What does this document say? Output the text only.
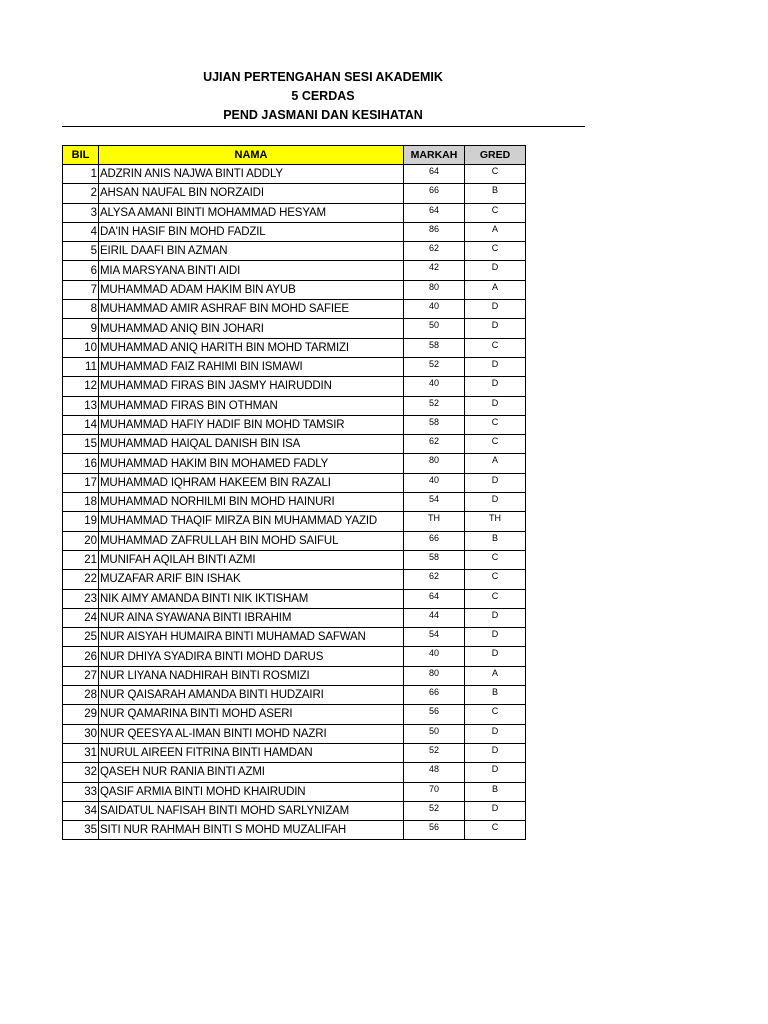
UJIAN PERTENGAHAN SESI AKADEMIK
5 CERDAS
PEND JASMANI DAN KESIHATAN
BIL	NAMA	MARKAH	GRED
1	ADZRIN ANIS NAJWA BINTI ADDLY	64	C
2	AHSAN NAUFAL BIN NORZAIDI	66	B
3	ALYSA AMANI BINTI MOHAMMAD HESYAM	64	C
4	DA'IN HASIF BIN MOHD FADZIL	86	A
5	EIRIL DAAFI BIN AZMAN	62	C
6	MIA MARSYANA BINTI AIDI	42	D
7	MUHAMMAD ADAM HAKIM BIN AYUB	80	A
8	MUHAMMAD AMIR ASHRAF BIN MOHD SAFIEE	40	D
9	MUHAMMAD ANIQ BIN JOHARI	50	D
10	MUHAMMAD ANIQ HARITH BIN MOHD TARMIZI	58	C
11	MUHAMMAD FAIZ RAHIMI BIN ISMAWI	52	D
12	MUHAMMAD FIRAS BIN JASMY HAIRUDDIN	40	D
13	MUHAMMAD FIRAS BIN OTHMAN	52	D
14	MUHAMMAD HAFIY HADIF BIN MOHD TAMSIR	58	C
15	MUHAMMAD HAIQAL DANISH BIN ISA	62	C
16	MUHAMMAD HAKIM BIN MOHAMED FADLY	80	A
17	MUHAMMAD IQHRAM HAKEEM BIN RAZALI	40	D
18	MUHAMMAD NORHILMI BIN MOHD HAINURI	54	D
19	MUHAMMAD THAQIF MIRZA BIN MUHAMMAD YAZID	TH	TH
20	MUHAMMAD ZAFRULLAH BIN MOHD SAIFUL	66	B
21	MUNIFAH AQILAH BINTI AZMI	58	C
22	MUZAFAR ARIF BIN ISHAK	62	C
23	NIK AIMY AMANDA BINTI NIK IKTISHAM	64	C
24	NUR AINA SYAWANA BINTI IBRAHIM	44	D
25	NUR AISYAH HUMAIRA BINTI MUHAMAD SAFWAN	54	D
26	NUR DHIYA SYADIRA BINTI MOHD DARUS	40	D
27	NUR LIYANA NADHIRAH BINTI ROSMIZI	80	A
28	NUR QAISARAH AMANDA BINTI HUDZAIRI	66	B
29	NUR QAMARINA BINTI MOHD ASERI	56	C
30	NUR QEESYA AL-IMAN BINTI MOHD NAZRI	50	D
31	NURUL AIREEN FITRINA BINTI HAMDAN	52	D
32	QASEH NUR RANIA BINTI AZMI	48	D
33	QASIF ARMIA BINTI MOHD KHAIRUDIN	70	B
34	SAIDATUL NAFISAH BINTI MOHD SARLYNIZAM	52	D
35	SITI NUR RAHMAH BINTI S MOHD MUZALIFAH	56	C
